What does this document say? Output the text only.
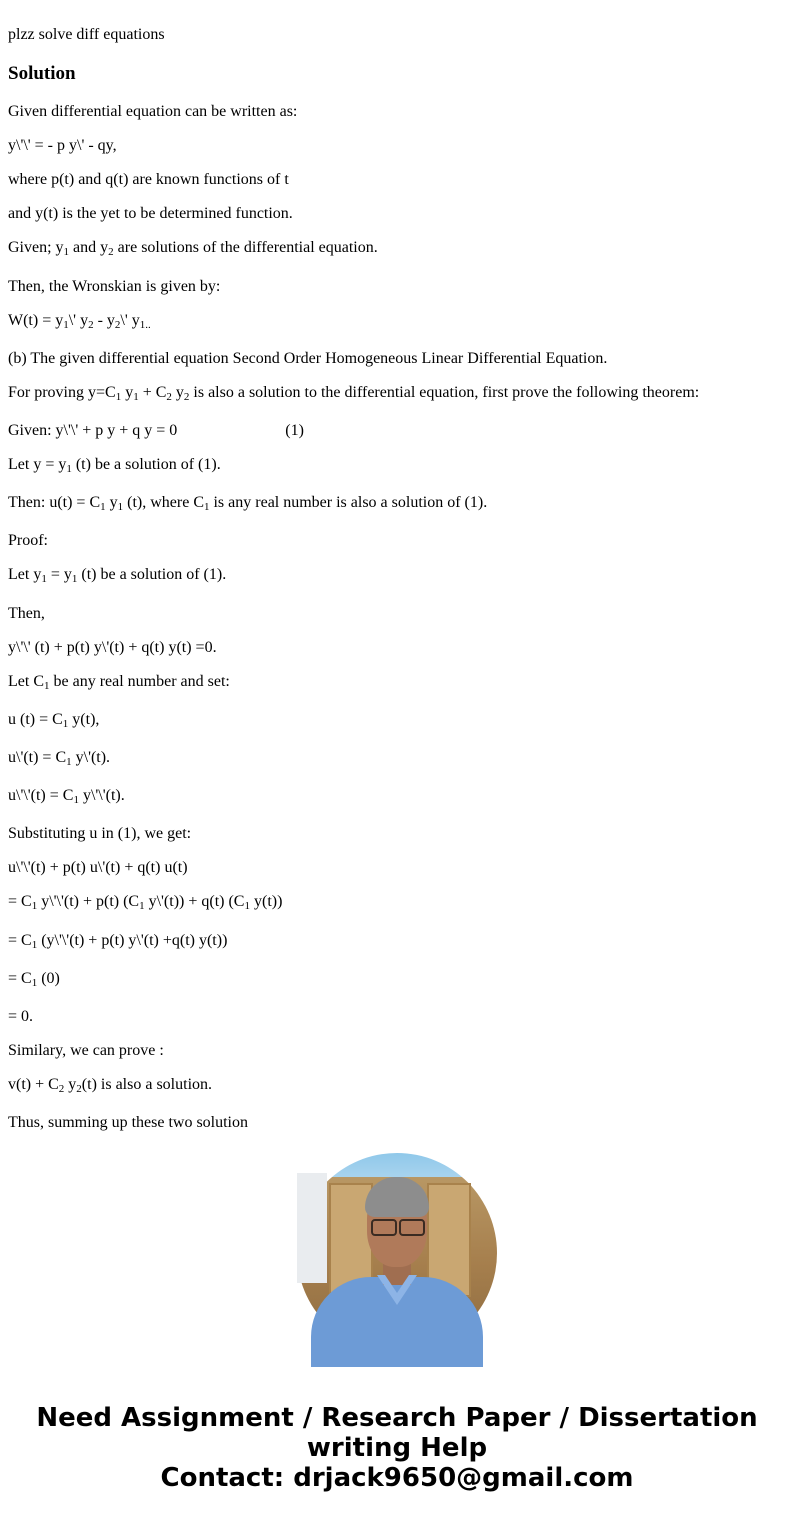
plzz solve diff equations

Solution

Given differential equation can be written as:

y\'\' = - p y\' - qy,

where p(t) and q(t) are known functions of t

and y(t) is the yet to be determined function.

Given; $y_1$ and $y_2$ are solutions of the differential equation.

Then, the Wronskian is given by:

$W(t) = y_1\backslash'$ $y_2$ - $y_2\backslash'$ $y_{1..}$

(b) The given differential equation Second Order Homogeneous Linear Differential Equation.

For proving $y=C_1$ $y_1 + C_2$ $y_2$ is also a solution to the differential equation, first prove the following theorem:

Given: y\'\' + p y + q y = 0	(1)

Let $y = y_1$ (t) be a solution of (1).

Then: $u(t) = C_1$ $y_1$ (t), where $C_1$ is any real number is also a solution of (1).

Proof:

Let $y_1 = y_1$ (t) be a solution of (1).

Then,

y\'\' (t) + p(t) y\'(t) + q(t) y(t) =0.

Let $C_1$ be any real number and set:

u $(t) = C_1$ y(t),

u\'(t) = $C_1$ y\'(t).

u\'\'(t) = $C_1$ y\'\'(t).

Substituting u in (1), we get:

u\'\'(t) + p(t) u\'(t) + q(t) u(t)

= $C_1$ y\'\'(t) + p(t) ($C_1$ y\'(t)) + q(t) ($C_1$ y(t))

= $C_1$ (y\'\'(t) + p(t) y\'(t) +q(t) y(t))

= $C_1$ (0)

= 0.

Similary, we can prove :

$v(t) + C_2$ $y_2(t)$ is also a solution.

Thus, summing up these two solution

Need Assignment / Research Paper / Dissertation
writing Help
Contact: drjack9650@gmail.com
